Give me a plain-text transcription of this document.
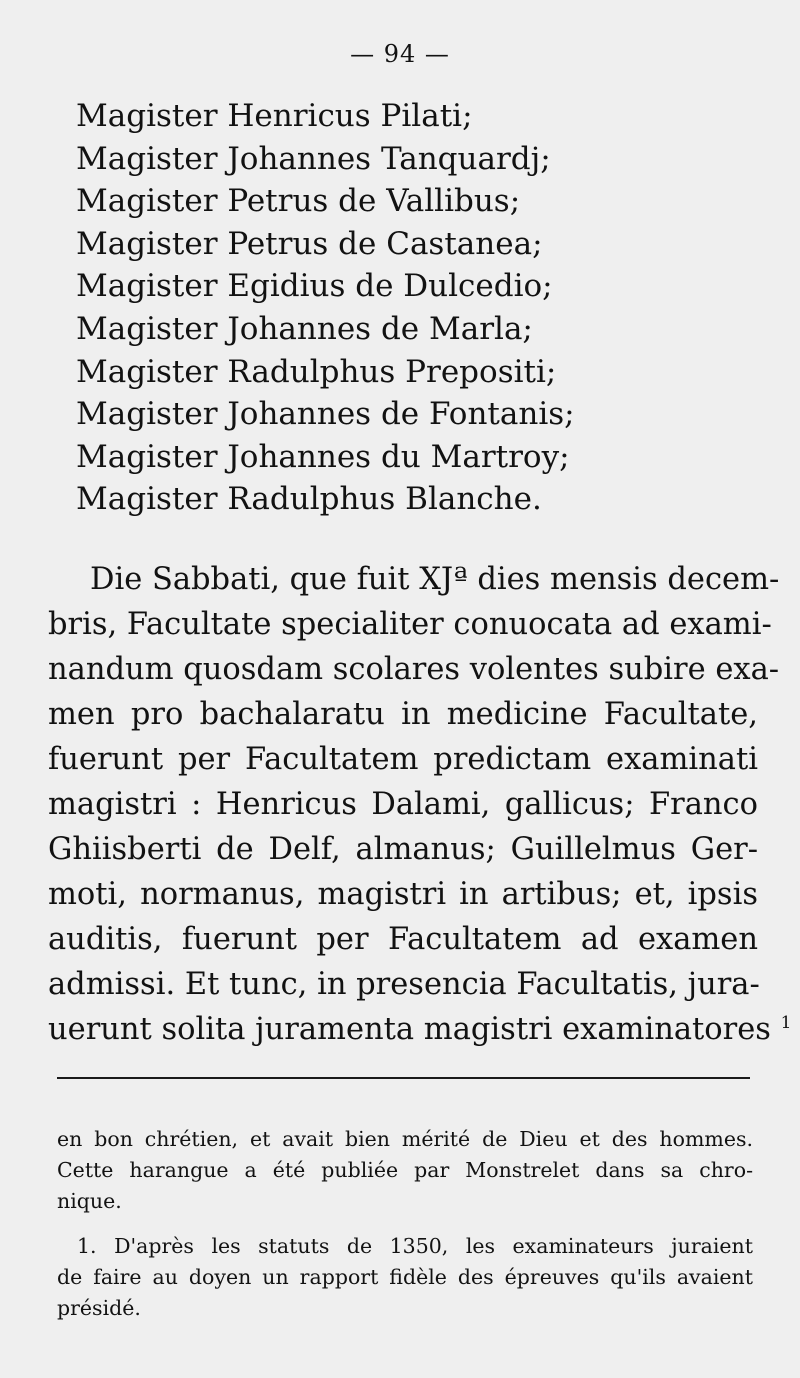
— 94 —
Magister Henricus Pilati;
Magister Johannes Tanquardj;
Magister Petrus de Vallibus;
Magister Petrus de Castanea;
Magister Egidius de Dulcedio;
Magister Johannes de Marla;
Magister Radulphus Prepositi;
Magister Johannes de Fontanis;
Magister Johannes du Martroy;
Magister Radulphus Blanche.
Die Sabbati, que fuit XJª dies mensis decem-
bris, Facultate specialiter conuocata ad exami-
nandum quosdam scolares volentes subire exa-
men pro bachalaratu in medicine Facultate,
fuerunt per Facultatem predictam examinati
magistri : Henricus Dalami, gallicus; Franco
Ghiisberti de Delf, almanus; Guillelmus Ger-
moti, normanus, magistri in artibus; et, ipsis
auditis, fuerunt per Facultatem ad examen
admissi. Et tunc, in presencia Facultatis, jura-
uerunt solita juramenta magistri examinatores $^1$
en bon chrétien, et avait bien mérité de Dieu et des hommes.
Cette harangue a été publiée par Monstrelet dans sa chro-
nique.
1. D'après les statuts de 1350, les examinateurs juraient
de faire au doyen un rapport fidèle des épreuves qu'ils avaient
présidé.
